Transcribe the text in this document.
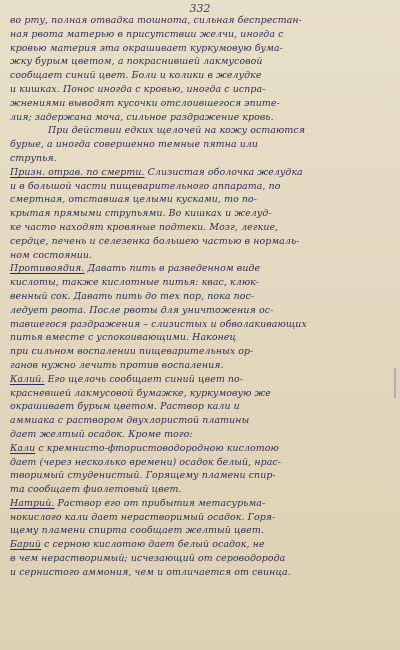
332

во рту, полная отвадка тошнота, сильная беспрестан-

ная рвота матерью в присутствии желчи, иногда с

кровью материя эта окрашивает куркумовую бума-

жку бурым цветом, а покраснившей лакмусовой

сообщает синий цвет. Боли и колики в желудке

и кишках. Понос иногда с кровью, иногда с испра-

жнениями выводят кусочки отслоившегося эпите-

лия; задержана моча, сильное раздражение кровь.

При действии едких щелочей на кожу остаются

бурые, а иногда совершенно темные пятна или

струпья.

Призн. отрав. по смерти. Слизистая оболочка желудка

и в большой части пищеварительного аппарата, по

смертная, отставшая целыми кусками, то по-

крытая прямыми струпьями. Во кишках и желуд-

ке часто находят кровяные подтеки. Мозг, легкие,

сердце, печень и селезенка большею частью в нормаль-

ном состоянии.

Противоядия. Давать пить в разведенном виде

кислоты, также кислотные питья: квас, клюк-

венный сок. Давать пить до тех пор, пока пос-

ледует рвота. После рвоты для уничтожения ос-

тавшегося раздражения – слизистых и обволакивающих

питья вместе с успокоивающими. Наконец

при сильном воспалении пищеварительных ор-

ганов нужно лечить против воспаления.

Калий. Его щелочь сообщает синий цвет по-

красневшей лакмусовой бумажке, куркумовую же

окрашивает бурым цветом. Раствор кали и

аммиака с раствором двухлористой платины

дает желтый осадок. Кроме того:

Кали с кремнисто-фтористоводородною кислотою

дает (через несколько времени) осадок белый, нрас-

творимый студенистый. Горящему пламени спир-

та сообщает фиолетовый цвет.

Натрий. Раствор его от прибытия метасурьма-

нокислого кали дает нерастворимый осадок. Горя-

щему пламени спирта сообщает желтый цвет.

Барий с серною кислотою дает белый осадок, не

в чем нерастворимый; исчезающий от сероводорода

и сернистого аммония, чем и отличается от свинца.
